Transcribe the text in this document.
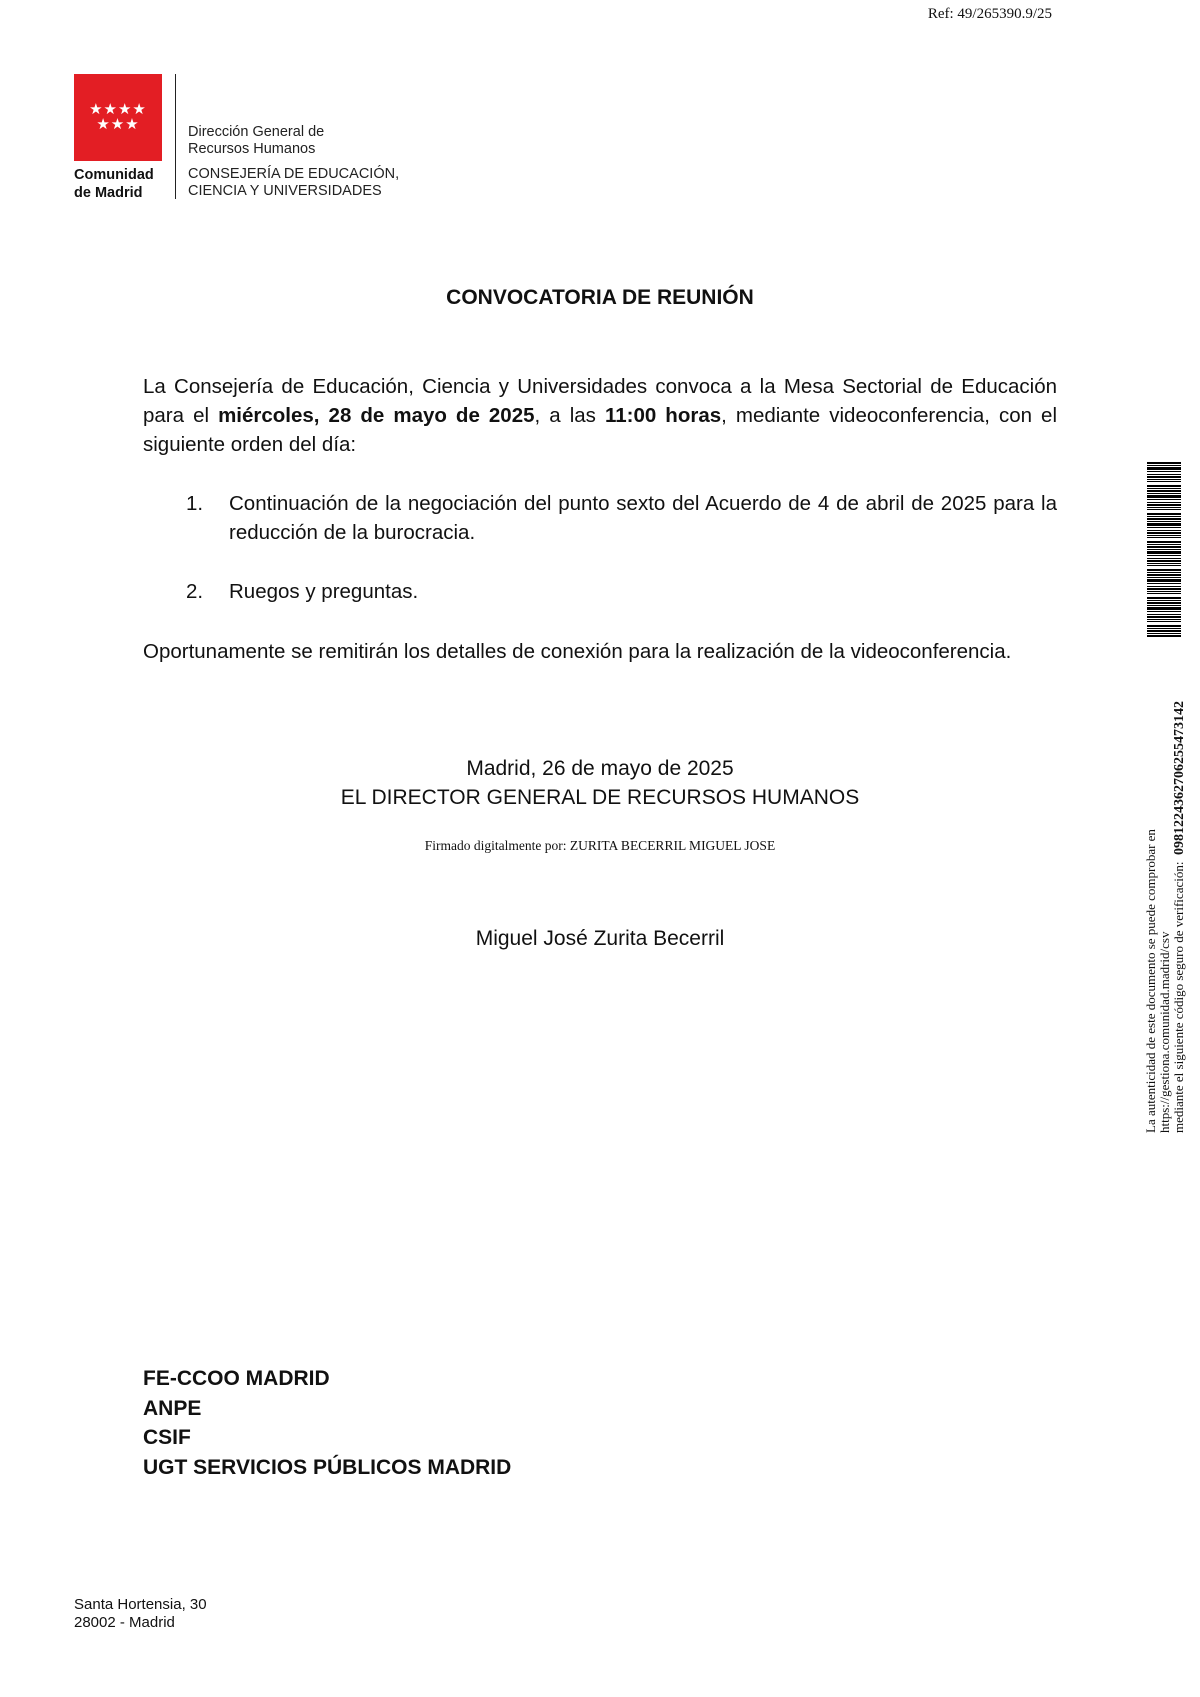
Ref: 49/265390.9/25
★★★★
★★★
Comunidad
de Madrid
Dirección General de
Recursos Humanos
CONSEJERÍA DE EDUCACIÓN,
CIENCIA Y UNIVERSIDADES
CONVOCATORIA DE REUNIÓN
La Consejería de Educación, Ciencia y Universidades convoca a la Mesa Sectorial de Educación para el miércoles, 28 de mayo de 2025, a las 11:00 horas, mediante videoconferencia, con el siguiente orden del día:
1. Continuación de la negociación del punto sexto del Acuerdo de 4 de abril de 2025 para la reducción de la burocracia.
2. Ruegos y preguntas.
Oportunamente se remitirán los detalles de conexión para la realización de la videoconferencia.
Madrid, 26 de mayo de 2025
EL DIRECTOR GENERAL DE RECURSOS HUMANOS
Firmado digitalmente por: ZURITA BECERRIL MIGUEL JOSE
Miguel José Zurita Becerril
FE-CCOO MADRID
ANPE
CSIF
UGT SERVICIOS PÚBLICOS MADRID
Santa Hortensia, 30
28002 - Madrid
La autenticidad de este documento se puede comprobar en https://gestiona.comunidad.madrid/csv mediante el siguiente código seguro de verificación:  0981224362706255473142
